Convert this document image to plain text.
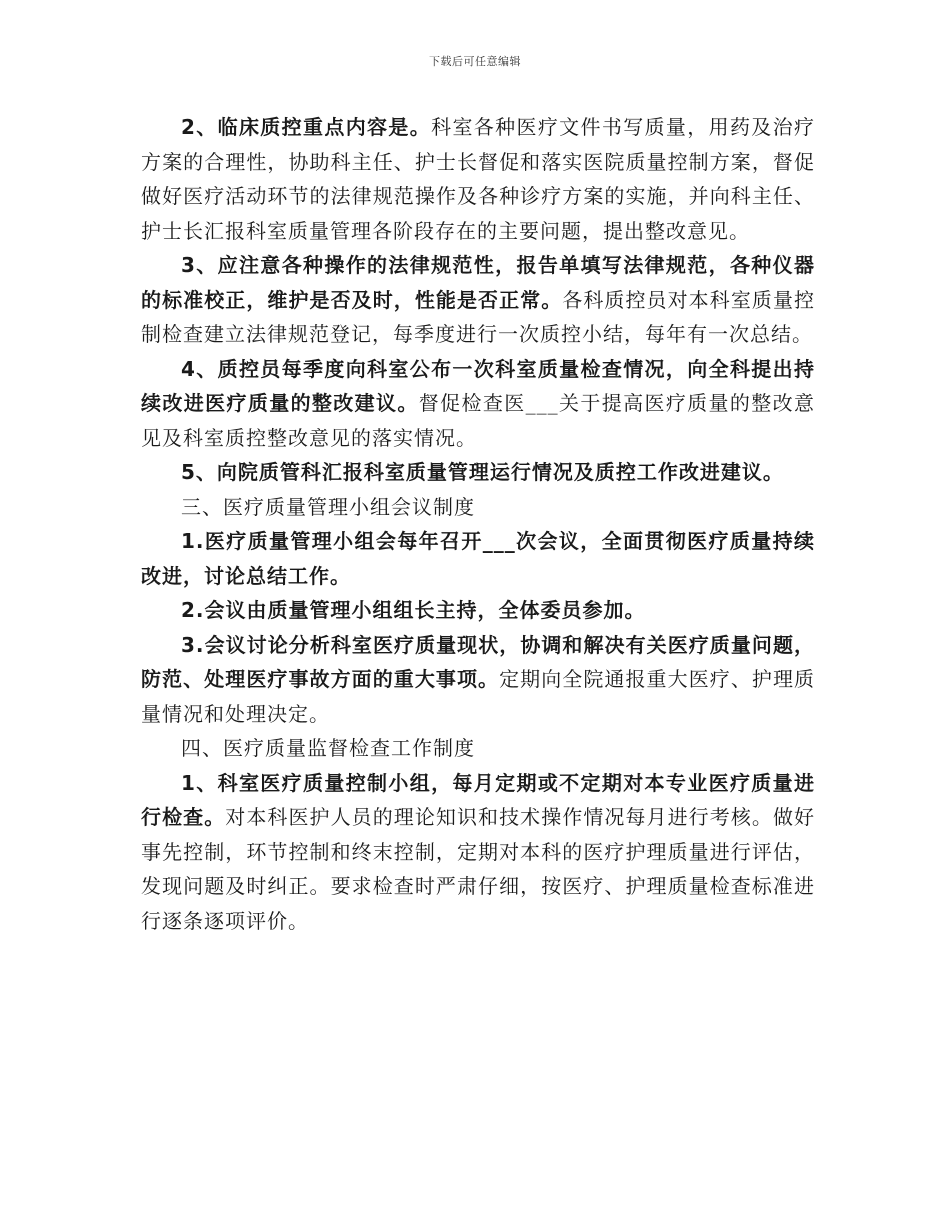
下载后可任意编辑

2、临床质控重点内容是。科室各种医疗文件书写质量，用药及治疗方案的合理性，协助科主任、护士长督促和落实医院质量控制方案，督促做好医疗活动环节的法律规范操作及各种诊疗方案的实施，并向科主任、护士长汇报科室质量管理各阶段存在的主要问题，提出整改意见。

3、应注意各种操作的法律规范性，报告单填写法律规范，各种仪器的标准校正，维护是否及时，性能是否正常。各科质控员对本科室质量控制检查建立法律规范登记，每季度进行一次质控小结，每年有一次总结。

4、质控员每季度向科室公布一次科室质量检查情况，向全科提出持续改进医疗质量的整改建议。督促检查医___关于提高医疗质量的整改意见及科室质控整改意见的落实情况。

5、向院质管科汇报科室质量管理运行情况及质控工作改进建议。

三、医疗质量管理小组会议制度

1.医疗质量管理小组会每年召开___次会议，全面贯彻医疗质量持续改进，讨论总结工作。

2.会议由质量管理小组组长主持，全体委员参加。

3.会议讨论分析科室医疗质量现状，协调和解决有关医疗质量问题，防范、处理医疗事故方面的重大事项。定期向全院通报重大医疗、护理质量情况和处理决定。

四、医疗质量监督检查工作制度

1、科室医疗质量控制小组，每月定期或不定期对本专业医疗质量进行检查。对本科医护人员的理论知识和技术操作情况每月进行考核。做好事先控制，环节控制和终末控制，定期对本科的医疗护理质量进行评估，发现问题及时纠正。要求检查时严肃仔细，按医疗、护理质量检查标准进行逐条逐项评价。
